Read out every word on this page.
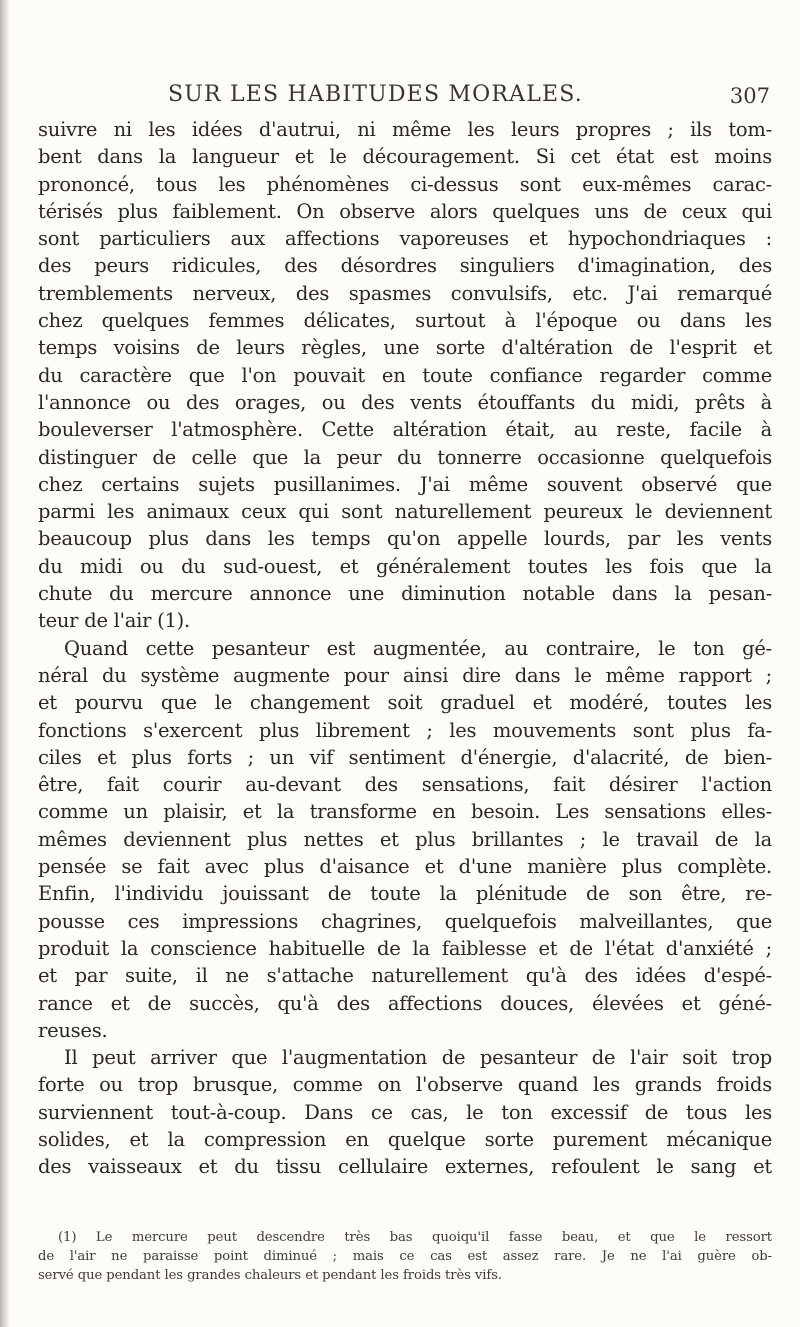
SUR LES HABITUDES MORALES.	307
suivre ni les idées d'autrui, ni même les leurs propres ; ils tom-
bent dans la langueur et le découragement. Si cet état est moins
prononcé, tous les phénomènes ci-dessus sont eux-mêmes carac-
térisés plus faiblement. On observe alors quelques uns de ceux qui
sont particuliers aux affections vaporeuses et hypochondriaques :
des peurs ridicules, des désordres singuliers d'imagination, des
tremblements nerveux, des spasmes convulsifs, etc. J'ai remarqué
chez quelques femmes délicates, surtout à l'époque ou dans les
temps voisins de leurs règles, une sorte d'altération de l'esprit et
du caractère que l'on pouvait en toute confiance regarder comme
l'annonce ou des orages, ou des vents étouffants du midi, prêts à
bouleverser l'atmosphère. Cette altération était, au reste, facile à
distinguer de celle que la peur du tonnerre occasionne quelquefois
chez certains sujets pusillanimes. J'ai même souvent observé que
parmi les animaux ceux qui sont naturellement peureux le deviennent
beaucoup plus dans les temps qu'on appelle lourds, par les vents
du midi ou du sud-ouest, et généralement toutes les fois que la
chute du mercure annonce une diminution notable dans la pesan-
teur de l'air (1).
Quand cette pesanteur est augmentée, au contraire, le ton gé-
néral du système augmente pour ainsi dire dans le même rapport ;
et pourvu que le changement soit graduel et modéré, toutes les
fonctions s'exercent plus librement ; les mouvements sont plus fa-
ciles et plus forts ; un vif sentiment d'énergie, d'alacrité, de bien-
être, fait courir au-devant des sensations, fait désirer l'action
comme un plaisir, et la transforme en besoin. Les sensations elles-
mêmes deviennent plus nettes et plus brillantes ; le travail de la
pensée se fait avec plus d'aisance et d'une manière plus complète.
Enfin, l'individu jouissant de toute la plénitude de son être, re-
pousse ces impressions chagrines, quelquefois malveillantes, que
produit la conscience habituelle de la faiblesse et de l'état d'anxiété ;
et par suite, il ne s'attache naturellement qu'à des idées d'espé-
rance et de succès, qu'à des affections douces, élevées et géné-
reuses.
Il peut arriver que l'augmentation de pesanteur de l'air soit trop
forte ou trop brusque, comme on l'observe quand les grands froids
surviennent tout-à-coup. Dans ce cas, le ton excessif de tous les
solides, et la compression en quelque sorte purement mécanique
des vaisseaux et du tissu cellulaire externes, refoulent le sang et
(1) Le mercure peut descendre très bas quoiqu'il fasse beau, et que le ressort
de l'air ne paraisse point diminué ; mais ce cas est assez rare. Je ne l'ai guère ob-
servé que pendant les grandes chaleurs et pendant les froids très vifs.
